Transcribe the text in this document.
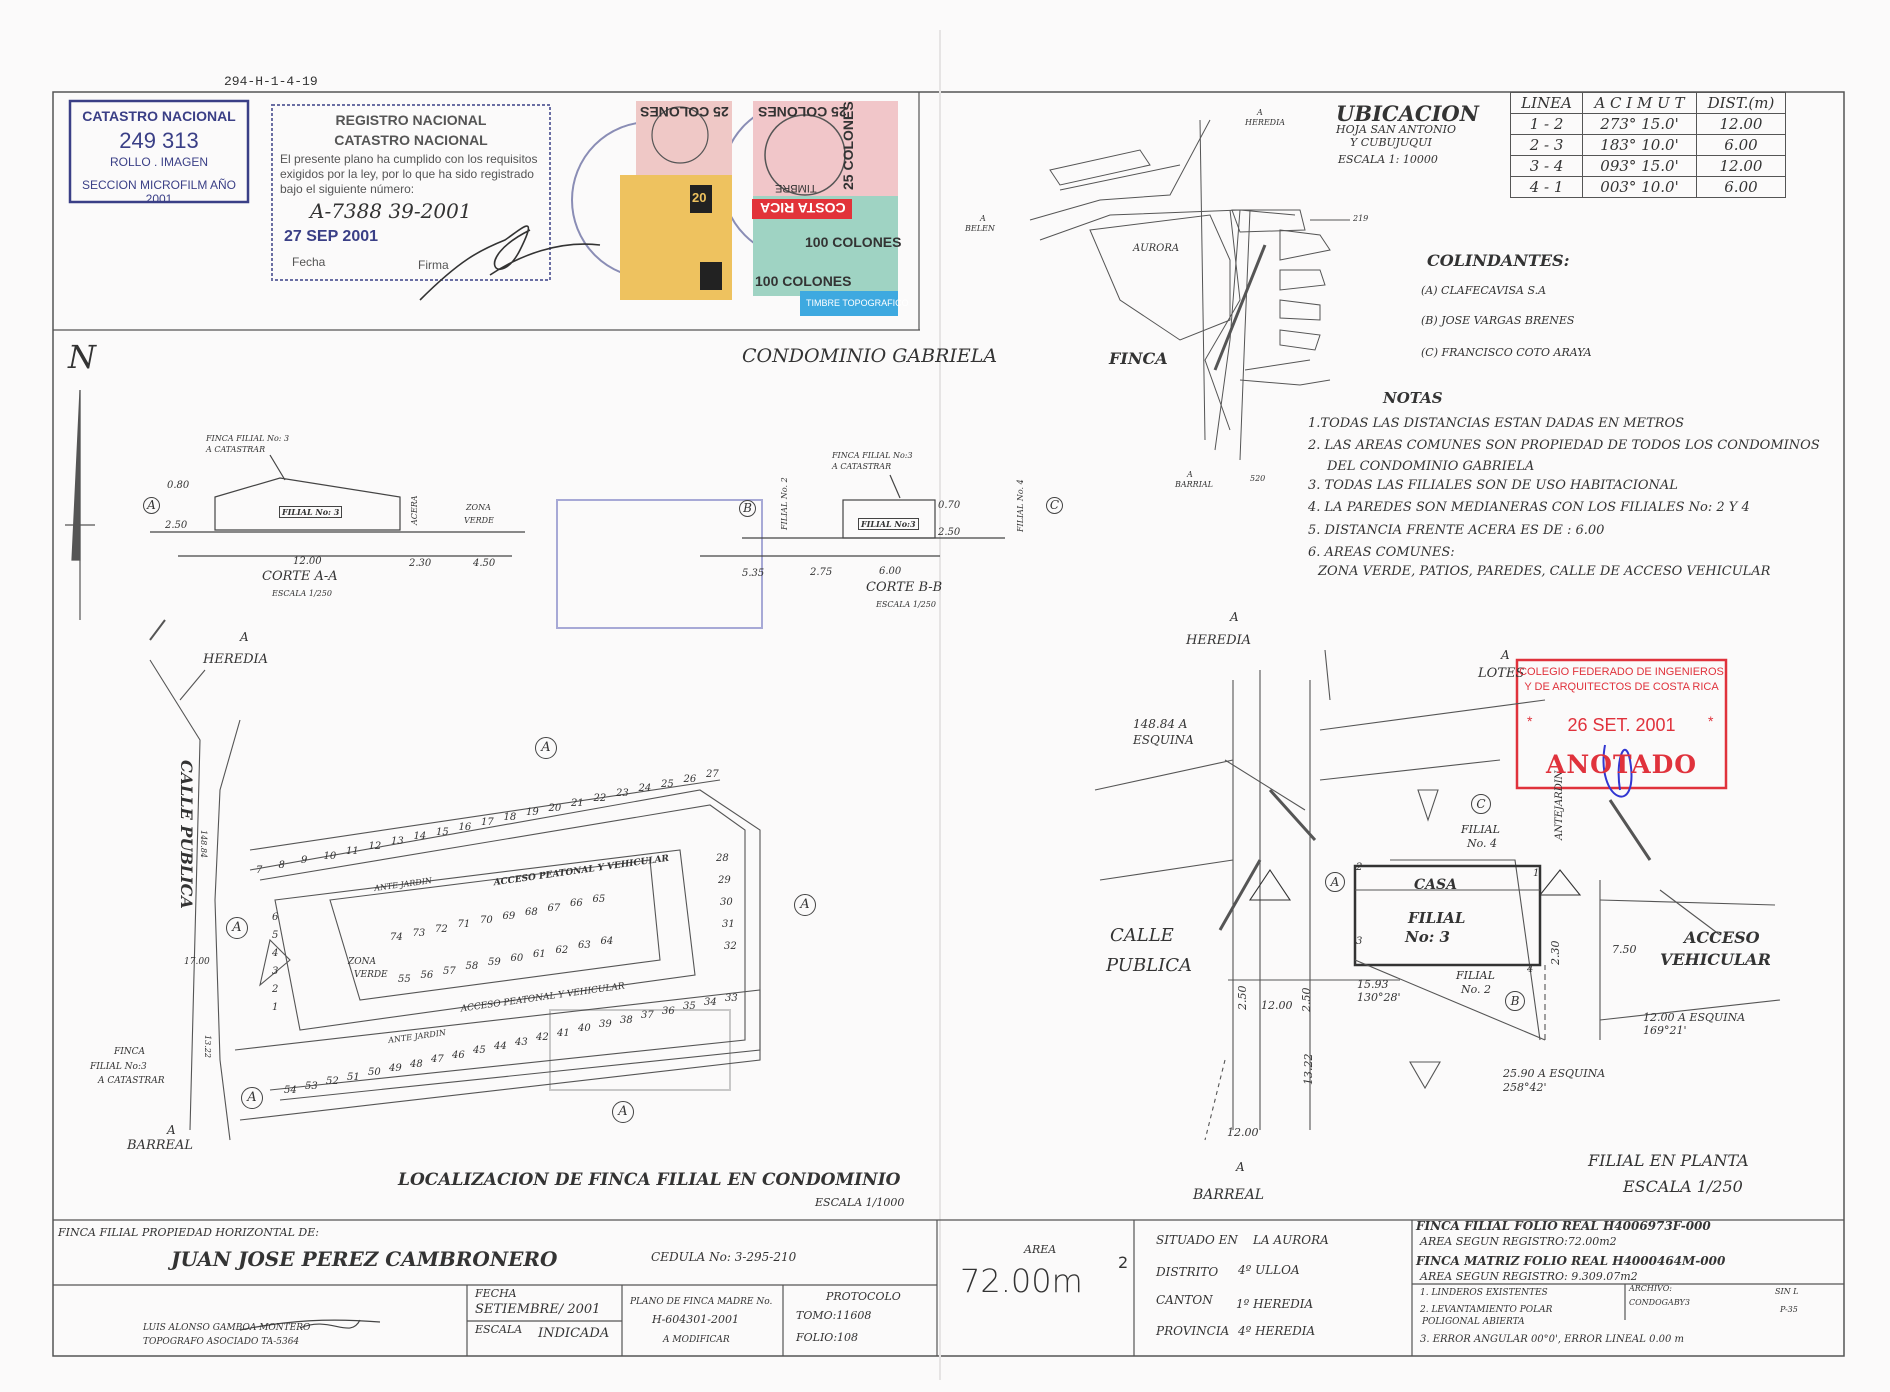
294-H-1-4-19
CATASTRO NACIONAL
249 313
ROLLO . IMAGEN
SECCION MICROFILM AÑO 2001
REGISTRO NACIONAL
CATASTRO NACIONAL
El presente plano ha cumplido con los requisitos exigidos por la ley, por lo que ha sido registrado bajo el siguiente número:
A-7388 39-2001
27 SEP 2001
Fecha	Firma
25 COLONES 25 COLONES
25 COLONES
100 COLONES
100 COLONES
20
COSTA RICA
TIMBRE TOPOGRAFICO
TIMBRE
UBICACION
HOJA SAN ANTONIO
Y CUBUJUQUI
ESCALA 1: 10000
A
HEREDIA
A
BELEN
AURORA
FINCA
A
BARRIAL
219
520
LINEA	A C I M U T	DIST.(m)
1 - 2	273° 15.0'	12.00
2 - 3	183° 10.0'	6.00
3 - 4	093° 15.0'	12.00
4 - 1	003° 10.0'	6.00
COLINDANTES:
(A) CLAFECAVISA S.A
(B) JOSE VARGAS BRENES
(C) FRANCISCO COTO ARAYA
NOTAS
1.TODAS LAS DISTANCIAS ESTAN DADAS EN METROS
2. LAS AREAS COMUNES SON PROPIEDAD DE TODOS LOS CONDOMINOS
DEL CONDOMINIO GABRIELA
3. TODAS LAS FILIALES SON DE USO HABITACIONAL
4. LA PAREDES SON MEDIANERAS CON LOS FILIALES No: 2 Y 4
5. DISTANCIA FRENTE ACERA ES DE : 6.00
6. AREAS COMUNES:
ZONA VERDE, PATIOS, PAREDES, CALLE DE ACCESO VEHICULAR
CONDOMINIO GABRIELA
N
FINCA FILIAL No: 3
A CATASTRAR
FILIAL No: 3	ACERA	ZONA
VERDE
0.80
2.50
12.00	2.30	4.50
CORTE A-A
ESCALA 1/250
A
FINCA FILIAL No:3
A CATASTRAR
FILIAL No:3
FILIAL No. 2	FILIAL No. 4
0.70
2.50
5.35	2.75	6.00
CORTE B-B
ESCALA 1/250
B	C
A
HEREDIA
CALLE PUBLICA 148.84
17.00
13.22
FINCA
FILIAL No:3
A CATASTRAR
A
BARREAL
ACCESO PEATONAL Y VEHICULAR
ACCESO PEATONAL Y VEHICULAR
ANTE JARDIN
ANTE JARDIN
ZONA
VERDE
A
A
A
A
A
7 8 9 10 11 12 13 14 15 16 17 18 19 20 21 22 23 24 25 26 27
28
29
30
31
32
74 73 72 71 70 69 68 67 66 65
55 56 57 58 59 60 61 62 63 64
54 53 52 51 50 49 48 47 46 45 44 43 42 41 40 39 38 37 36 35 34 33
6
5
4
3
2
1
LOCALIZACION DE FINCA FILIAL EN CONDOMINIO
ESCALA 1/1000
A
HEREDIA
A
LOTES
148.84 A
ESQUINA
ANTEJARDIN
CASA
FILIAL
No: 3
FILIAL
No. 4
FILIAL
No. 2
CALLE
PUBLICA
ACCESO
VEHICULAR
12.00 A ESQUINA
169°21'
25.90 A ESQUINA
258°42'
15.93
130°28'
2.50 12.00 2.50
13.22
12.00
2.30	7.50
2
1
3
4
A
B
C
A
BARREAL
FILIAL EN PLANTA
ESCALA 1/250
COLEGIO FEDERADO DE INGENIEROS
Y DE ARQUITECTOS DE COSTA RICA
*	*
26 SET. 2001
ANOTADO
FINCA FILIAL PROPIEDAD HORIZONTAL DE:
JUAN JOSE PEREZ CAMBRONERO	CEDULA No: 3-295-210
LUIS ALONSO GAMBOA MONTERO
TOPOGRAFO ASOCIADO TA-5364
FECHA
SETIEMBRE/ 2001
ESCALA INDICADA
PLANO DE FINCA MADRE No.
H-604301-2001
A MODIFICAR
PROTOCOLO
TOMO:11608
FOLIO:108
AREA
72.00m 2
SITUADO EN LA AURORA
DISTRITO 4º ULLOA
CANTON 1º HEREDIA
PROVINCIA 4º HEREDIA
FINCA FILIAL FOLIO REAL H4006973F-000
AREA SEGUN REGISTRO:72.00m2
FINCA MATRIZ FOLIO REAL H4000464M-000
AREA SEGUN REGISTRO: 9.309.07m2
1. LINDEROS EXISTENTES
2. LEVANTAMIENTO POLAR
POLIGONAL ABIERTA
3. ERROR ANGULAR 00°0', ERROR LINEAL 0.00 m
ARCHIVO:
CONDOGABY3
SIN L
P-35
